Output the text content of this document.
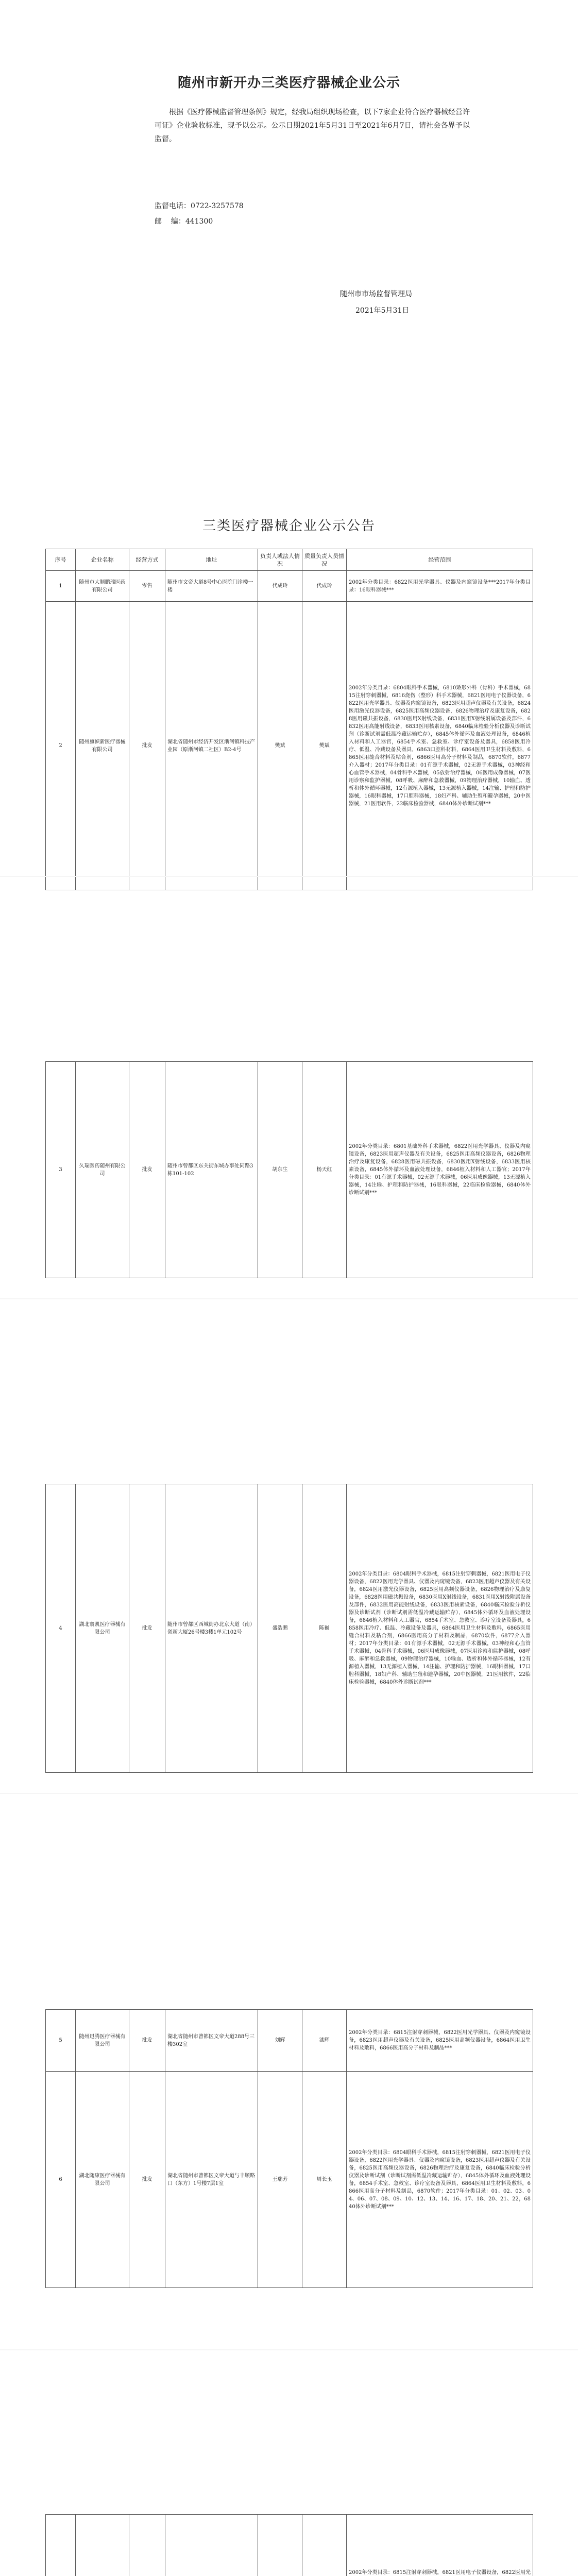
随州市新开办三类医疗器械企业公示
根据《医疗器械监督管理条例》规定，经我局组织现场检查，以下7家企业符合医疗器械经营许可证》企业验收标准，现予以公示。公示日期2021年5月31日至2021年6月7日，请社会各界予以监督。
监督电话：0722-3257578
邮    编：441300
随州市市场监督管理局
2021年5月31日
三类医疗器械企业公示公告
序号	企业名称	经营方式	地址	负责人或法人情况	质量负责人员情况	经营范围
1	随州市大顺鹏瑞医药有限公司	零售	随州市文帝大道8号中心医院门诊楼一楼	代成玲	代成玲	2002年分类目录：6822医用光学器具、仪器及内窥镜设备***2017年分类目录：16眼科器械***
2	随州旗帜新医疗器械有限公司	批发	湖北省随州市经济开发区淅河镇科技产业园（原淅河镇二社区）B2-4号	樊斌	樊斌	2002年分类目录：6804眼科手术器械，6810矫形外科（骨科）手术器械，6815注射穿刺器械，6816烧伤（整形）科手术器械，6821医用电子仪器设备，6822医用光学器具、仪器及内窥镜设备，6823医用超声仪器及有关设备，6824医用激光仪器设备，6825医用高频仪器设备，6826物理治疗及康复设备，6828医用磁共振设备，6830医用X射线设备，6831医用X射线附属设备及部件，6832医用高能射线设备，6833医用核素设备，6840临床检验分析仪器及诊断试剂（诊断试剂需低温冷藏运输贮存），6845体外循环及血液处理设备，6846植入材料和人工器官，6854手术室、急救室、诊疗室设备及器具，6858医用冷疗、低温、冷藏设备及器具，6863口腔科材料，6864医用卫生材料及敷料，6865医用缝合材料及粘合剂，6866医用高分子材料及制品，6870软件，6877介入器材；2017年分类目录：01有源手术器械，02无源手术器械，03神经和心血管手术器械，04骨科手术器械，05放射治疗器械，06医用成像器械，07医用诊察和监护器械，08呼吸、麻醉和急救器械，09物理治疗器械，10输血、透析和体外循环器械，12有源植入器械，13无源植入器械，14注输、护理和防护器械，16眼科器械，17口腔科器械，18妇产科、辅助生殖和避孕器械，20中医器械，21医用软件，22临床检验器械，6840体外诊断试剂***
3	久瑞医药随州有限公司	批发	随州市曾都区东关街东城办事处同路3栋101-102	胡东生	杨天红	2002年分类目录：6801基础外科手术器械，6822医用光学器具、仪器及内窥镜设备，6823医用超声仪器及有关设备，6825医用高频仪器设备，6826物理治疗及康复设备，6828医用磁共振设备，6830医用X射线设备，6833医用核素设备，6845体外循环及血液处理设备，6846植入材料和人工器官；2017年分类目录：01有源手术器械，02无源手术器械，06医用成像器械，13无源植入器械，14注输、护理和防护器械，16眼科器械，22临床检验器械，6840体外诊断试剂***
4	湖北寰凯医疗器械有限公司	批发	随州市曾都区西城街办北京大道（南）创新大厦26号楼3楼1单元102号	盛浩鹏	陈巍	2002年分类目录：6804眼科手术器械，6815注射穿刺器械，6821医用电子仪器设备，6822医用光学器具、仪器及内窥镜设备，6823医用超声仪器及有关设备，6824医用激光仪器设备，6825医用高频仪器设备，6826物理治疗及康复设备，6828医用磁共振设备，6830医用X射线设备，6831医用X射线附属设备及部件，6832医用高能射线设备，6833医用核素设备，6840临床检验分析仪器及诊断试剂（诊断试剂需低温冷藏运输贮存），6845体外循环及血液处理设备，6846植入材料和人工器官，6854手术室、急救室、诊疗室设备及器具，6858医用冷疗、低温、冷藏设备及器具，6864医用卫生材料及敷料，6865医用缝合材料及粘合剂，6866医用高分子材料及制品，6870软件，6877介入器材；2017年分类目录：01有源手术器械，02无源手术器械，03神经和心血管手术器械，04骨科手术器械，06医用成像器械，07医用诊察和监护器械，08呼吸、麻醉和急救器械，09物理治疗器械，10输血、透析和体外循环器械，12有源植入器械，13无源植入器械，14注输、护理和防护器械，16眼科器械，17口腔科器械，18妇产科、辅助生殖和避孕器械，20中医器械，21医用软件，22临床检验器械，6840体外诊断试剂***
5	随州迅腾医疗器械有限公司	批发	湖北省随州市曾都区文帝大道288号三楼302室	刘辉	漆辉	2002年分类目录：6815注射穿刺器械，6822医用光学器具、仪器及内窥镜设备，6823医用超声仪器及有关设备，6825医用高频仪器设备，6864医用卫生材料及敷料，6866医用高分子材料及制品***
6	湖北随康医疗器械有限公司	批发	湖北省随州市曾都区文帝大道与丰顺路口（东方）1号楼7层1室	王瑞芳	周长玉	2002年分类目录：6804眼科手术器械，6815注射穿刺器械，6821医用电子仪器设备，6822医用光学器具、仪器及内窥镜设备，6823医用超声仪器及有关设备，6825医用高频仪器设备，6826物理治疗及康复设备，6840临床检验分析仪器及诊断试剂（诊断试剂需低温冷藏运输贮存），6845体外循环及血液处理设备，6854手术室、急救室、诊疗室设备及器具，6864医用卫生材料及敷料，6866医用高分子材料及制品，6870软件；2017年分类目录：01、02、03、04、06、07、08、09、10、12、13、14、16、17、18、20、21、22，6840体外诊断试剂***
						2002年分类目录：6815注射穿刺器械，6821医用电子仪器设备，6822医用光
